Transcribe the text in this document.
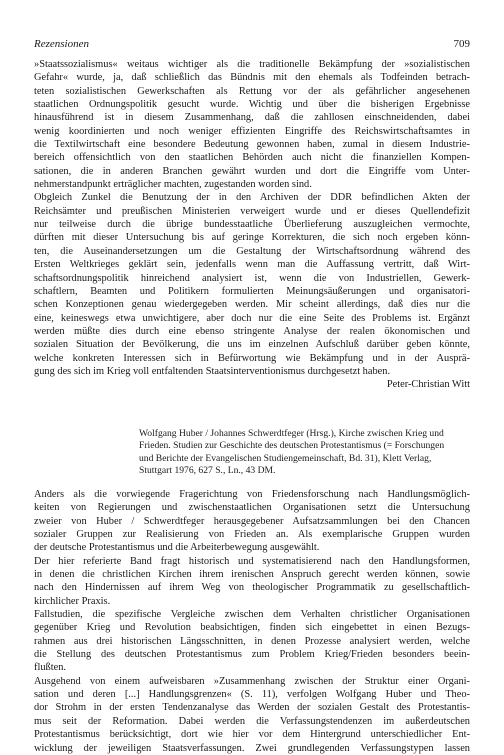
Rezensionen	709
»Staatssozialismus« weitaus wichtiger als die traditionelle Bekämpfung der »sozialistischen
Gefahr« wurde, ja, daß schließlich das Bündnis mit den ehemals als Todfeinden betrach-
teten sozialistischen Gewerkschaften als Rettung vor der als gefährlicher angesehenen
staatlichen Ordnungspolitik gesucht wurde. Wichtig und über die bisherigen Ergebnisse
hinausführend ist in diesem Zusammenhang, daß die zahllosen einschneidenden, dabei
wenig koordinierten und noch weniger effizienten Eingriffe des Reichswirtschaftsamtes in
die Textilwirtschaft eine besondere Bedeutung gewonnen haben, zumal in diesem Industrie-
bereich offensichtlich von den staatlichen Behörden auch nicht die finanziellen Kompen-
sationen, die in anderen Branchen gewährt wurden und dort die Eingriffe vom Unter-
nehmerstandpunkt erträglicher machten, zugestanden worden sind.
Obgleich Zunkel die Benutzung der in den Archiven der DDR befindlichen Akten der
Reichsämter und preußischen Ministerien verweigert wurde und er dieses Quellendefizit
nur teilweise durch die übrige bundesstaatliche Überlieferung auszugleichen vermochte,
dürften mit dieser Untersuchung bis auf geringe Korrekturen, die sich noch ergeben könn-
ten, die Auseinandersetzungen um die Gestaltung der Wirtschaftsordnung während des
Ersten Weltkrieges geklärt sein, jedenfalls wenn man die Auffassung vertritt, daß Wirt-
schaftsordnungspolitik hinreichend analysiert ist, wenn die von Industriellen, Gewerk-
schaftlern, Beamten und Politikern formulierten Meinungsäußerungen und organisatori-
schen Konzeptionen genau wiedergegeben werden. Mir scheint allerdings, daß dies nur die
eine, keineswegs etwa unwichtigere, aber doch nur die eine Seite des Problems ist. Ergänzt
werden müßte dies durch eine ebenso stringente Analyse der realen ökonomischen und
sozialen Situation der Bevölkerung, die uns im einzelnen Aufschluß darüber geben könnte,
welche konkreten Interessen sich in Befürwortung wie Bekämpfung und in der Ausprä-
gung des sich im Krieg voll entfaltenden Staatsinterventionismus durchgesetzt haben.
Peter-Christian Witt
Wolfgang Huber / Johannes Schwerdtfeger (Hrsg.), Kirche zwischen Krieg und
Frieden. Studien zur Geschichte des deutschen Protestantismus (= Forschungen
und Berichte der Evangelischen Studiengemeinschaft, Bd. 31), Klett Verlag,
Stuttgart 1976, 627 S., Ln., 43 DM.
Anders als die vorwiegende Fragerichtung von Friedensforschung nach Handlungsmöglich-
keiten von Regierungen und zwischenstaatlichen Organisationen setzt die Untersuchung
zweier von Huber / Schwerdtfeger herausgegebener Aufsatzsammlungen bei den Chancen
sozialer Gruppen zur Realisierung von Frieden an. Als exemplarische Gruppen wurden
der deutsche Protestantismus und die Arbeiterbewegung ausgewählt.
Der hier referierte Band fragt historisch und systematisierend nach den Handlungsformen,
in denen die christlichen Kirchen ihrem irenischen Anspruch gerecht werden können, sowie
nach den Hindernissen auf ihrem Weg von theologischer Programmatik zu gesellschaftlich-
kirchlicher Praxis.
Fallstudien, die spezifische Vergleiche zwischen dem Verhalten christlicher Organisationen
gegenüber Krieg und Revolution beabsichtigen, finden sich eingebettet in einen Bezugs-
rahmen aus drei historischen Längsschnitten, in denen Prozesse analysiert werden, welche
die Stellung des deutschen Protestantismus zum Problem Krieg/Frieden besonders beein-
flußten.
Ausgehend von einem aufweisbaren »Zusammenhang zwischen der Struktur einer Organi-
sation und deren [...] Handlungsgrenzen« (S. 11), verfolgen Wolfgang Huber und Theo-
dor Strohm in der ersten Tendenzanalyse das Werden der sozialen Gestalt des Protestantis-
mus seit der Reformation. Dabei werden die Verfassungstendenzen im außerdeutschen
Protestantismus berücksichtigt, dort wie hier vor dem Hintergrund unterschiedlicher Ent-
wicklung der jeweiligen Staatsverfassungen. Zwei grundlegenden Verfassungstypen lassen
